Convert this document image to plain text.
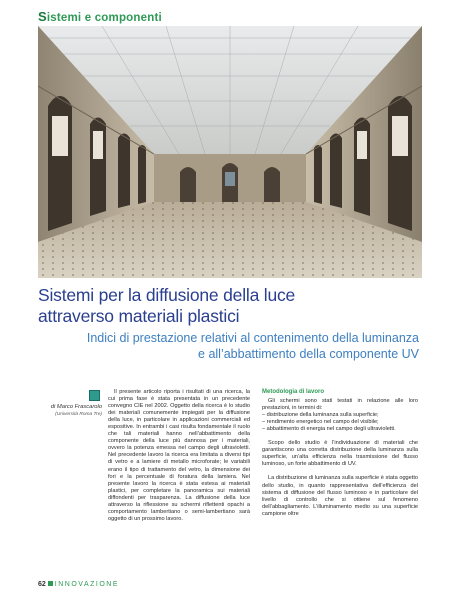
Sistemi e componenti
Sistemi per la diffusione della luce
attraverso materiali plastici
Indici di prestazione relativi al contenimento della luminanza
e all’abbattimento della componente UV
di Marco Frascarolo
(Università Roma Tre)

Il presente articolo riporta i risultati di una ricerca, la cui prima fase è stata presentata in un precedente convegno CIE nel 2002. Oggetto della ricerca è lo studio dei materiali comunemente impiegati per la diffusione della luce, in particolare in applicazioni commerciali ed espositive. In entrambi i casi risulta fondamentale il ruolo che tali materiali hanno nell’abbattimento della componente della luce più dannosa per i materiali, ovvero la potenza emessa nel campo degli ultravioletti. Nel precedente lavoro la ricerca era limitata a diversi tipi di vetro e a lamiere di metallo microforate; le variabili erano il tipo di trattamento del vetro, la dimensione dei fori e la percentuale di foratura della lamiera. Nel presente lavoro la ricerca è stata estesa ai materiali plastici, per completare la panoramica sui materiali diffondenti per trasparenza. La diffusione della luce attraverso la riflessione su schermi riflettenti opachi a comportamento lambertiano o semi-lambertiano sarà oggetto di un prossimo lavoro.

Metodologia di lavoro

Gli schermi sono stati testati in relazione alle loro prestazioni, in termini di:

– distribuzione della luminanza sulla superficie;

– rendimento energetico nel campo del visibile;

– abbattimento di energia nel campo degli ultravioletti.

Scopo dello studio è l’individuazione di materiali che garantiscono una corretta distribuzione della luminanza sulla superficie, un’alta efficienza nella trasmissione del flusso luminoso, un forte abbattimento di UV.

La distribuzione di luminanza sulla superficie è stata oggetto dello studio, in quanto rappresentativa dell’efficienza del sistema di diffusione del flusso luminoso e in particolare del livello di controllo che si ottiene sul fenomeno dell’abbagliamento. L’illuminamento medio su una superficie campione oltre

62 INNOVAZIONE
